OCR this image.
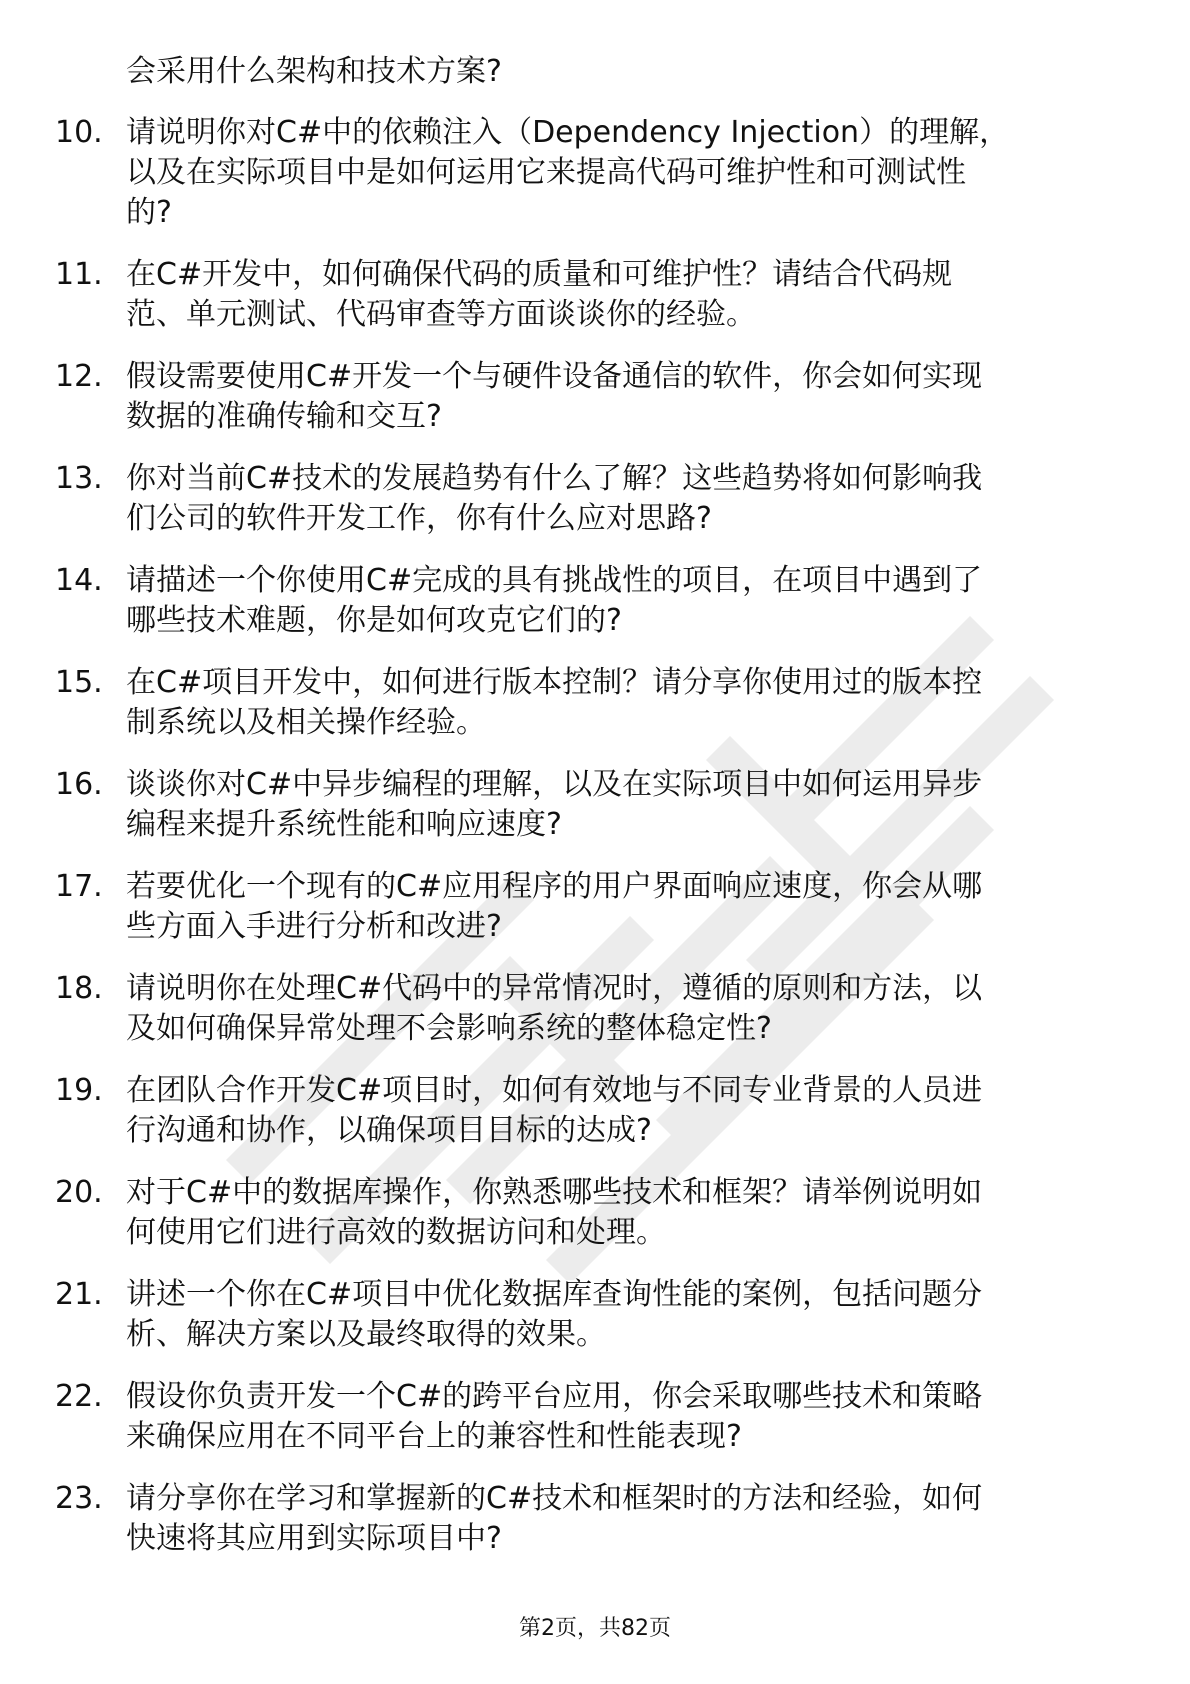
会采用什么架构和技术方案?
10. 请说明你对C#中的依赖注入（Dependency Injection）的理解，
以及在实际项目中是如何运用它来提高代码可维护性和可测试性
的?
11. 在C#开发中，如何确保代码的质量和可维护性？请结合代码规
范、单元测试、代码审查等方面谈谈你的经验。
12. 假设需要使用C#开发一个与硬件设备通信的软件，你会如何实现
数据的准确传输和交互?
13. 你对当前C#技术的发展趋势有什么了解？这些趋势将如何影响我
们公司的软件开发工作，你有什么应对思路?
14. 请描述一个你使用C#完成的具有挑战性的项目，在项目中遇到了
哪些技术难题，你是如何攻克它们的?
15. 在C#项目开发中，如何进行版本控制？请分享你使用过的版本控
制系统以及相关操作经验。
16. 谈谈你对C#中异步编程的理解，以及在实际项目中如何运用异步
编程来提升系统性能和响应速度?
17. 若要优化一个现有的C#应用程序的用户界面响应速度，你会从哪
些方面入手进行分析和改进?
18. 请说明你在处理C#代码中的异常情况时，遵循的原则和方法，以
及如何确保异常处理不会影响系统的整体稳定性?
19. 在团队合作开发C#项目时，如何有效地与不同专业背景的人员进
行沟通和协作，以确保项目目标的达成?
20. 对于C#中的数据库操作，你熟悉哪些技术和框架？请举例说明如
何使用它们进行高效的数据访问和处理。
21. 讲述一个你在C#项目中优化数据库查询性能的案例，包括问题分
析、解决方案以及最终取得的效果。
22. 假设你负责开发一个C#的跨平台应用，你会采取哪些技术和策略
来确保应用在不同平台上的兼容性和性能表现?
23. 请分享你在学习和掌握新的C#技术和框架时的方法和经验，如何
快速将其应用到实际项目中?
第2页，共82页
